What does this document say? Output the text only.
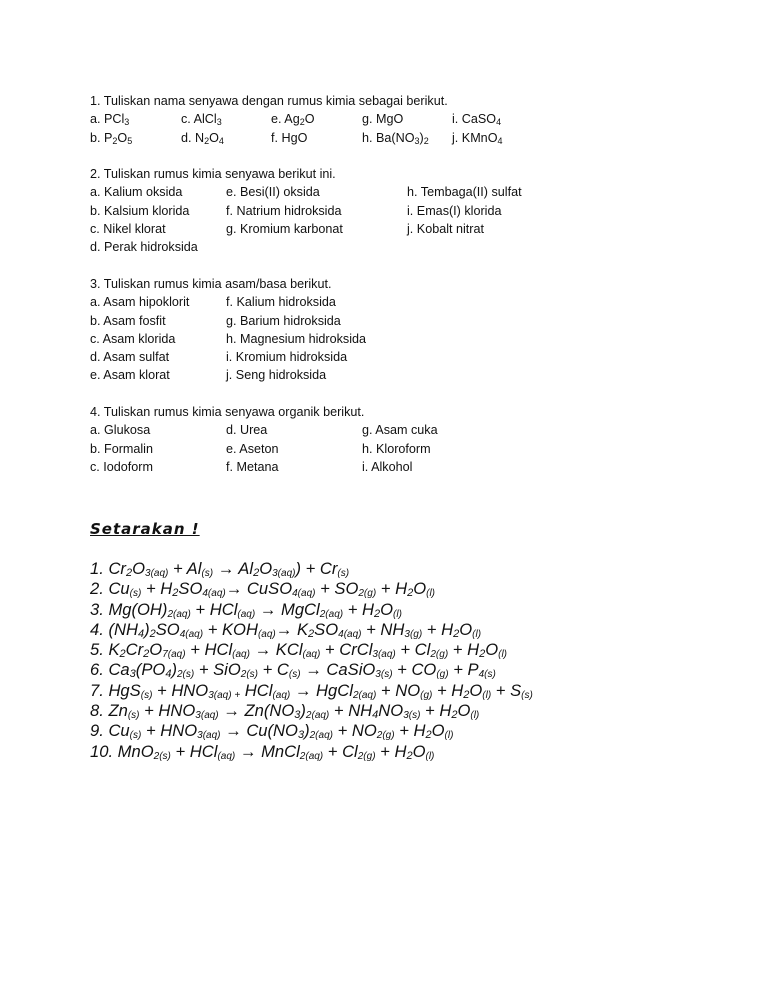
1. Tuliskan nama senyawa dengan rumus kimia sebagai berikut.
a. PCl$_3$	c. AlCl$_3$	e. $Ag_2O$	g. MgO	i. CaSO$_4$
b. $P_2O_5$	d. $N_2O_4$	f. HgO	h. $Ba(NO_3)_2$ j. KMnO$_4$
2. Tuliskan rumus kimia senyawa berikut ini.
a. Kalium oksida	e. Besi(II) oksida	h. Tembaga(II) sulfat
b. Kalsium klorida	f. Natrium hidroksida	i. Emas(I) klorida
c. Nikel klorat	g. Kromium karbonat	j. Kobalt nitrat
d. Perak hidroksida
3. Tuliskan rumus kimia asam/basa berikut.
a. Asam hipoklorit	f. Kalium hidroksida
b. Asam fosfit	g. Barium hidroksida
c. Asam klorida	h. Magnesium hidroksida
d. Asam sulfat	i. Kromium hidroksida
e. Asam klorat	j. Seng hidroksida
4. Tuliskan rumus kimia senyawa organik berikut.
a. Glukosa	d. Urea	g. Asam cuka
b. Formalin	e. Aseton	h. Kloroform
c. Iodoform	f. Metana	i. Alkohol
Setarakan !
1. $Cr_2O_{3(aq)} + Al_{(s)} \to Al_2O_{3(aq)}) + Cr_{(s)}$
2. $Cu_{(s)} + H_2SO_{4(aq)}\to$ CuSO$_{4(aq)}$ + $SO_{2(g)} + H_2O_{(l)}$
3. $Mg(OH)_{2(aq)} + HCl_{(aq)}$ → MgCl$_{2(aq)}$ + $H_2O_{(l)}$
4. $(NH_4)_2SO_{4(aq)} + KOH_{(aq)}\to K_2SO_{4(aq)} + NH_{3(g)} + H_2O_{(l)}$
5. $K_2Cr_2O_{7(aq)} + HCl_{(aq)} \to KCl_{(aq)}$ + CrCl$_{3(aq)}$ + $Cl_{2(g)} + H_2O_{(l)}$
6. $Ca_3(PO_4)_{2(s)} + SiO_{2(s)} + C_{(s)}$ → CaSiO$_{3(s)}$ + $CO_{(g)} + P_{4(s)}$
7. $HgS_{(s)} + HNO_{3(aq) +}$ HCl$_{(aq)}$ → HgCl$_{2(aq)}$ + $NO_{(g)} + H_2O_{(l)} + S_{(s)}$
8. $Zn_{(s)} + HNO_{3(aq)} \to Zn(NO_3)_{2(aq)} + NH_4NO_{3(s)} + H_2O_{(l)}$
9. $Cu_{(s)} + HNO_{3(aq)} \to Cu(NO_3)_{2(aq)} + NO_{2(g)} + H_2O_{(l)}$
10. MnO$_{2(s)}$ + HCl$_{(aq)}$ → MnCl$_{2(aq)}$ + $Cl_{2(g)} + H_2O_{(l)}$
